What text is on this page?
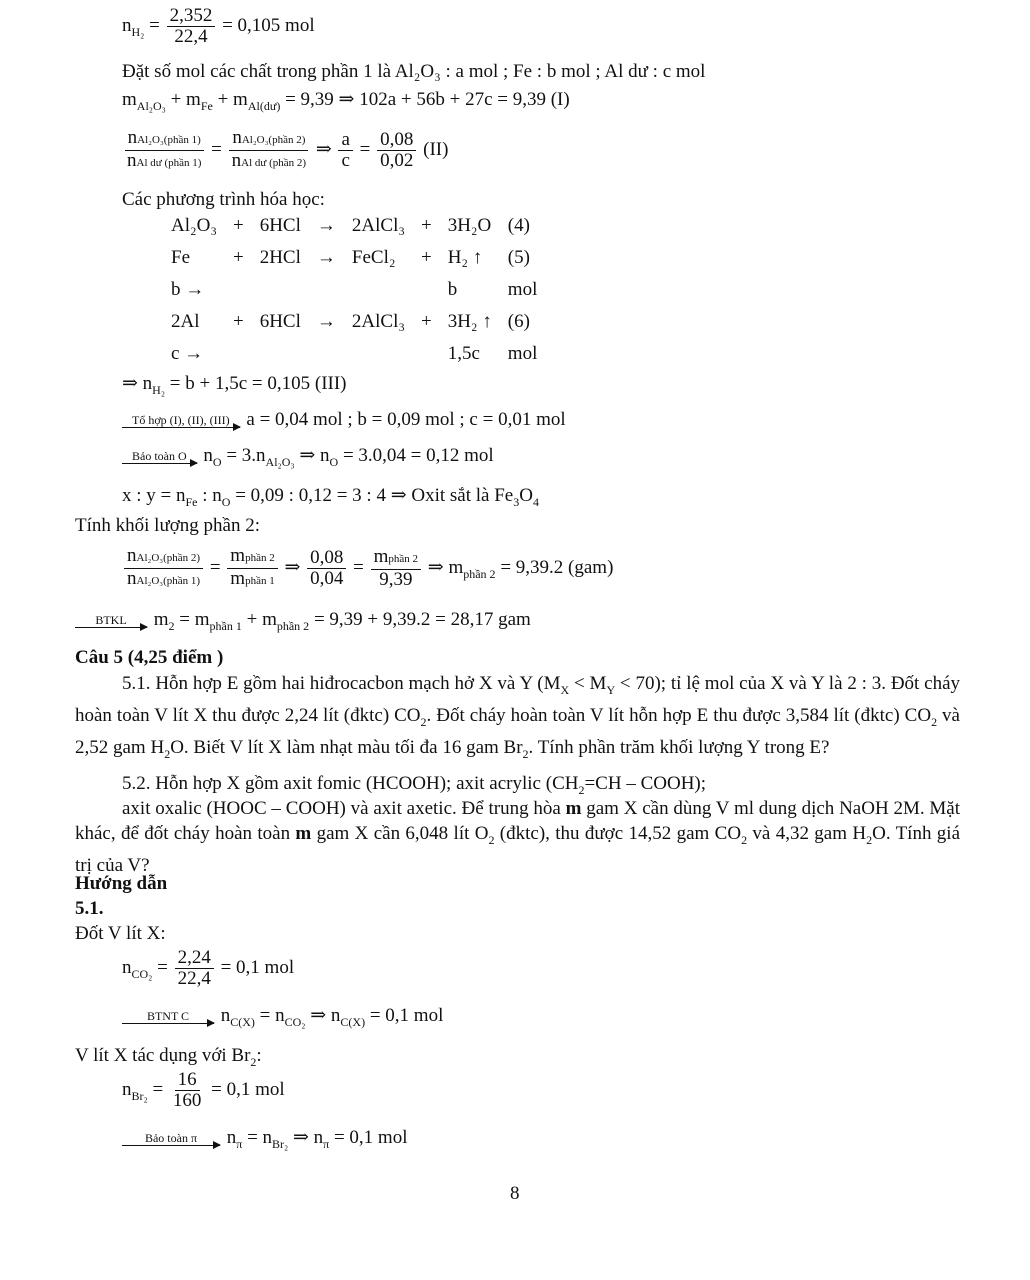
$n_{H_2} = \frac{2,352}{22,4} = 0,105$ mol
Đặt số mol các chất trong phần 1 là Al₂O₃ : a mol ; Fe : b mol ; Al dư : c mol
$m_{Al_2O_3} + m_{Fe} + m_{Al(dư)} = 9,39$ ⇒ 102a + 56b + 27c = 9,39 (I)
$\frac{\text{nAl₂O₃(phần 1)}}{\text{nAl dư (phần 1)}} = \frac{\text{nAl₂O₃(phần 2)}}{\text{nAl dư (phần 2)}}$ ⇒ $\frac{a}{c} = \frac{0,08}{0,02} (II)$
Các phương trình hóa học:
Al₂O₃	+	6HCl	→	2AlCl₃	+	3H₂O	(4)
Fe	+	2HCl	→	FeCl₂	+	H₂ ↑	(5)
b →						b	mol
2Al	+	6HCl	→	2AlCl₃	+	3H₂ ↑	(6)
c →						1,5c	mol
⇒ $n_{H_2} = b + 1,5c = 0,105$ (III)
Tổ hợp (I), (II), (III) a = 0,04 mol ; b = 0,09 mol ; c = 0,01 mol
Bảo toàn O $n_O = 3.n_{Al_2O_3}$ ⇒ $n_O = 3.0,04 = 0,12$ mol
x : $y = n_{Fe}$ : $n_O = 0,09$ : 0,12 = 3 : 4 ⇒ Oxit sắt là $Fe_3O_4$
Tính khối lượng phần 2:
$\frac{\text{nAl₂O₃(phần 2)}}{\text{nAl₂O₃(phần 1)}} = \frac{\text{mphần 2}}{\text{mphần 1}}$ ⇒ $\frac{0,08}{0,04} = \frac{\text{mphần 2}}{9,39}$ ⇒ $m_{phần 2} = 9,39.2$ (gam)
BTKL	$m_2 = m_{phần 1} + m_{phần 2} = 9,39 + 9,39.2 = 28,17$ gam
Câu 5 (4,25 điểm )
5.1. Hỗn hợp E gồm hai hiđrocacbon mạch hở X và Y $(M_X < M_Y < 70)$; tỉ lệ mol của X và Y là 2 : 3. Đốt cháy hoàn toàn V lít X thu được 2,24 lít (đktc) $CO_2$. Đốt cháy hoàn toàn V lít hỗn hợp E thu được 3,584 lít (đktc) $CO_2$ và 2,52 gam $H_2O$. Biết V lít X làm nhạt màu tối đa 16 gam $Br_2$. Tính phần trăm khối lượng Y trong E?
5.2. Hỗn hợp X gồm axit fomic (HCOOH); axit acrylic ($CH_2=CH$ – COOH);
axit oxalic (HOOC – COOH) và axit axetic. Để trung hòa m gam X cần dùng V ml dung dịch NaOH 2M. Mặt khác, để đốt cháy hoàn toàn m gam X cần 6,048 lít $O_2$ (đktc), thu được 14,52 gam $CO_2$ và 4,32 gam $H_2O$. Tính giá trị của V?
Hướng dẫn
5.1.
Đốt V lít X:
$n_{CO_2} = \frac{2,24}{22,4} = 0,1$ mol
BTNT C	$n_{C(X)} = n_{CO_2}$ ⇒ $n_{C(X)} = 0,1$ mol
V lít X tác dụng với $Br_2$:
$n_{Br_2} = \frac{16}{160} = 0,1$ mol
Bảo toàn π	$n_\pi = n_{Br_2}$ ⇒ $n_\pi = 0,1$ mol
8
